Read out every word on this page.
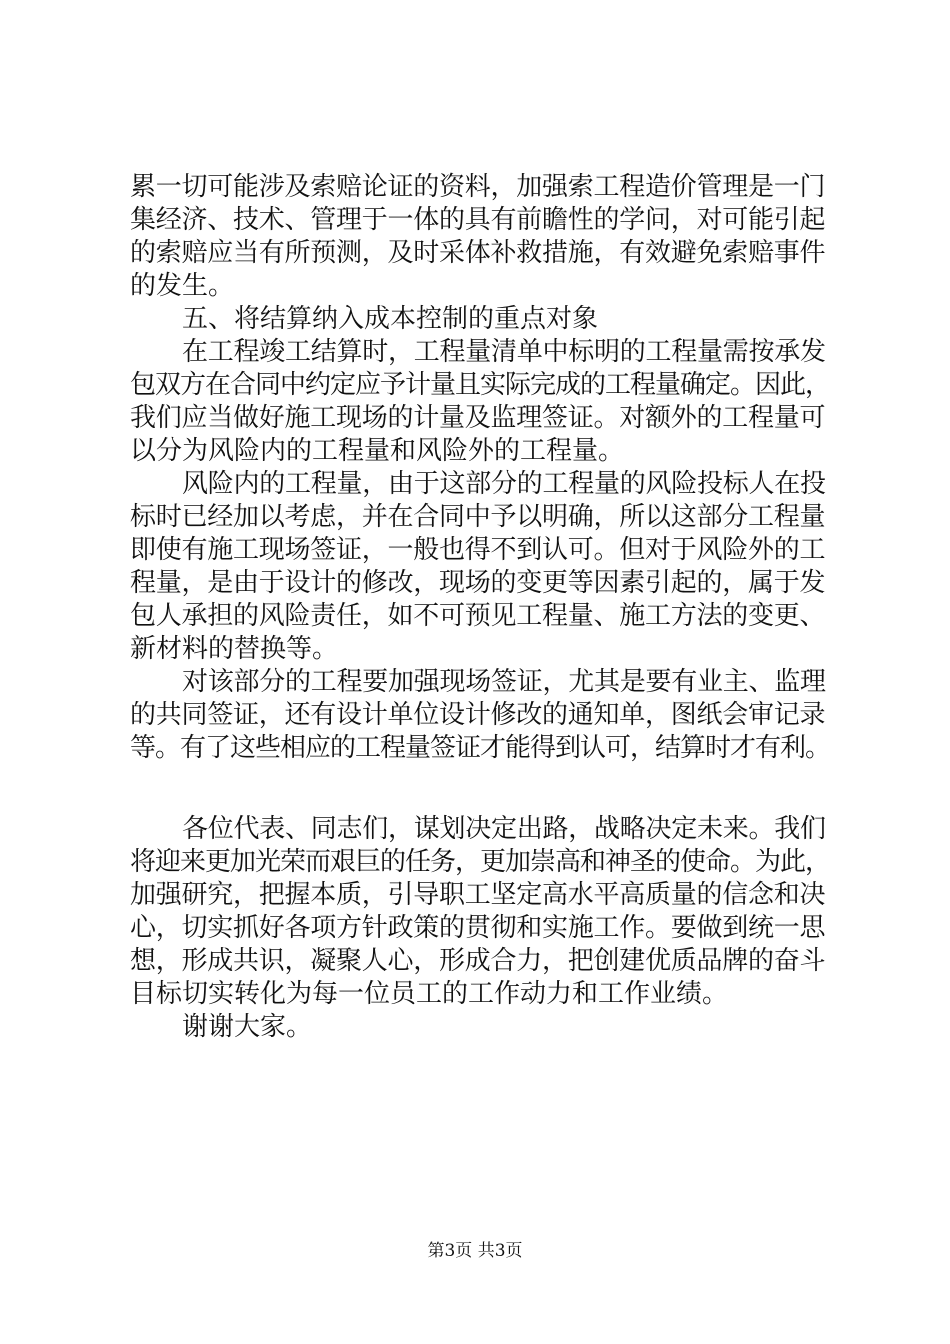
累一切可能涉及索赔论证的资料，加强索工程造价管理是一门
集经济、技术、管理于一体的具有前瞻性的学问，对可能引起
的索赔应当有所预测，及时采体补救措施，有效避免索赔事件
的发生。
五、将结算纳入成本控制的重点对象
在工程竣工结算时，工程量清单中标明的工程量需按承发
包双方在合同中约定应予计量且实际完成的工程量确定。因此，
我们应当做好施工现场的计量及监理签证。对额外的工程量可
以分为风险内的工程量和风险外的工程量。
风险内的工程量，由于这部分的工程量的风险投标人在投
标时已经加以考虑，并在合同中予以明确，所以这部分工程量
即使有施工现场签证，一般也得不到认可。但对于风险外的工
程量，是由于设计的修改，现场的变更等因素引起的，属于发
包人承担的风险责任，如不可预见工程量、施工方法的变更、
新材料的替换等。
对该部分的工程要加强现场签证，尤其是要有业主、监理
的共同签证，还有设计单位设计修改的通知单，图纸会审记录
等。有了这些相应的工程量签证才能得到认可，结算时才有利。
各位代表、同志们，谋划决定出路，战略决定未来。我们
将迎来更加光荣而艰巨的任务，更加崇高和神圣的使命。为此，
加强研究，把握本质，引导职工坚定高水平高质量的信念和决
心，切实抓好各项方针政策的贯彻和实施工作。要做到统一思
想，形成共识，凝聚人心，形成合力，把创建优质品牌的奋斗
目标切实转化为每一位员工的工作动力和工作业绩。
谢谢大家。
第3页 共3页
